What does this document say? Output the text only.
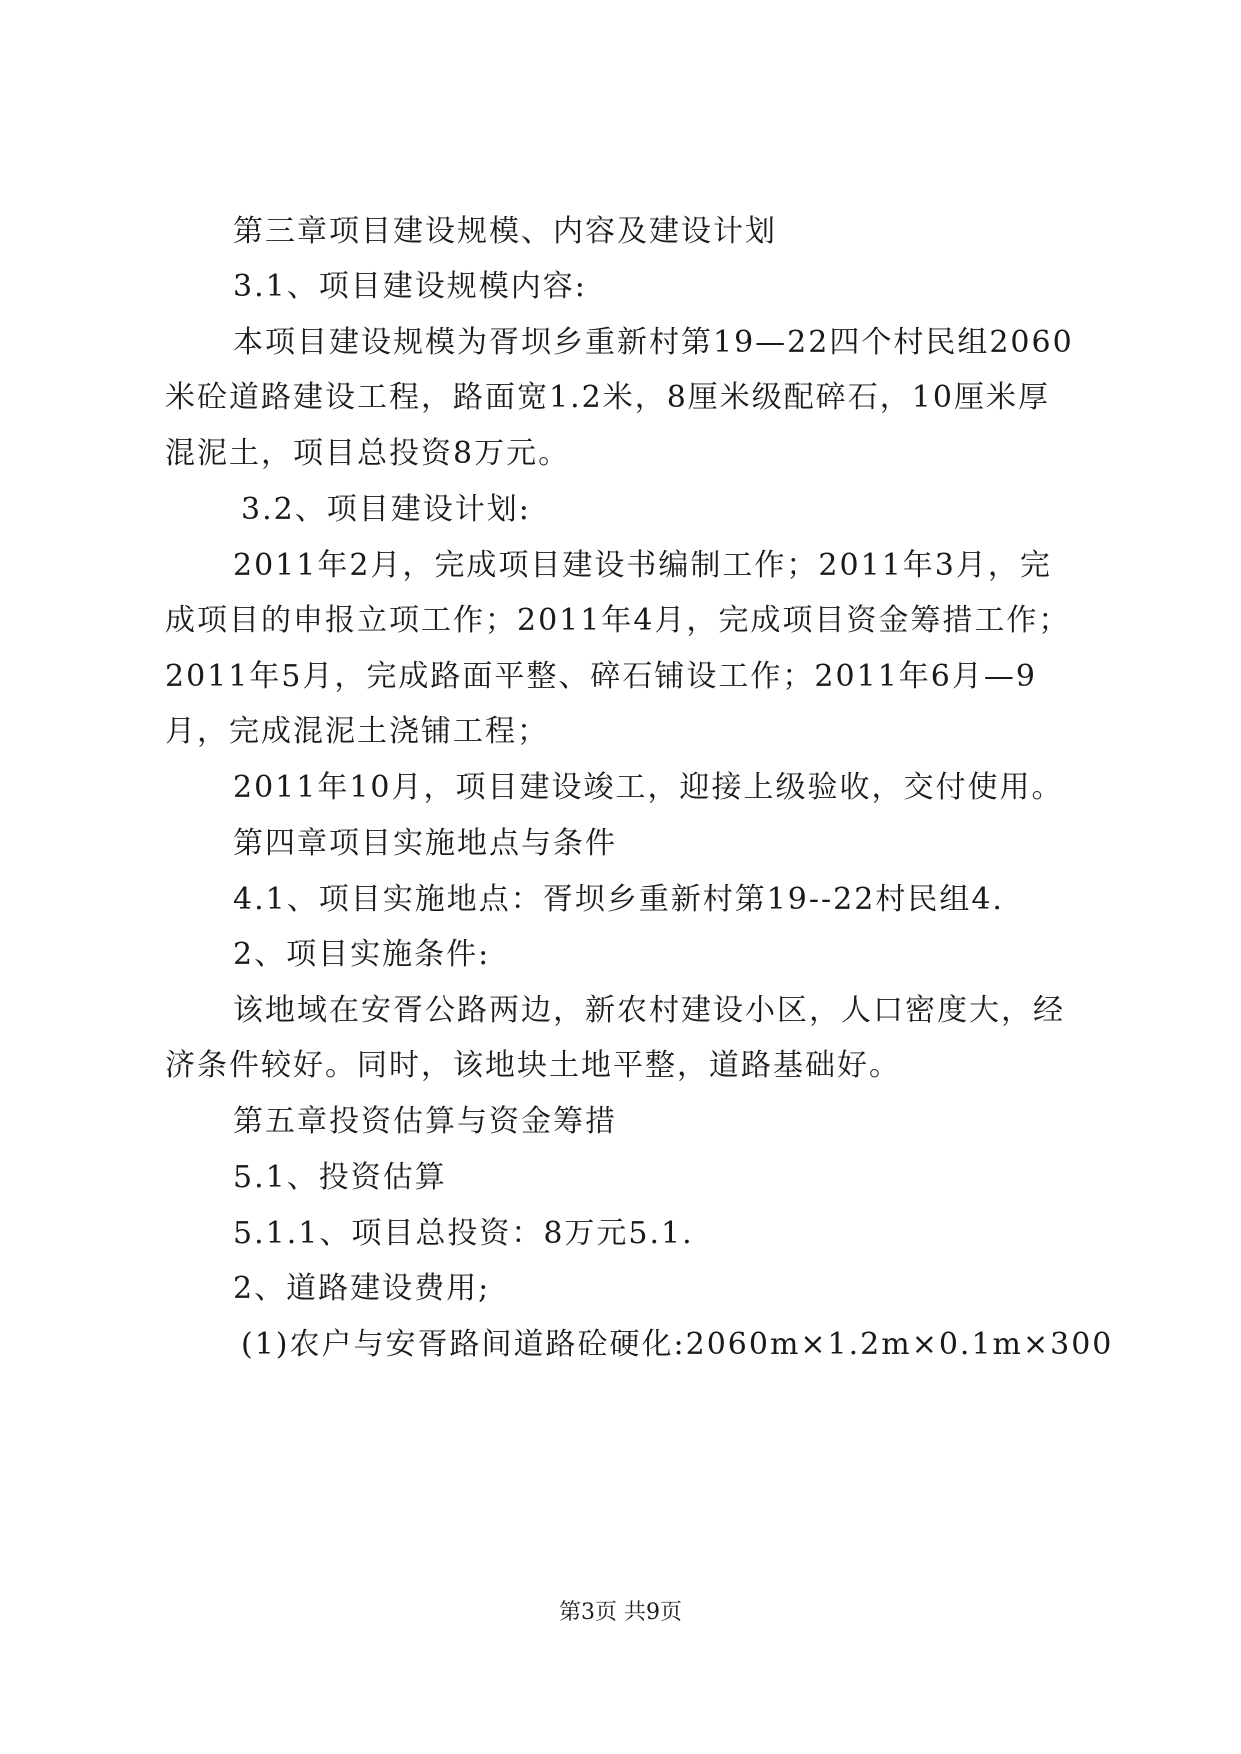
第三章项目建设规模、内容及建设计划
3.1、项目建设规模内容:
本项目建设规模为胥坝乡重新村第19—22四个村民组2060
米砼道路建设工程，路面宽1.2米，8厘米级配碎石，10厘米厚
混泥土，项目总投资8万元。
3.2、项目建设计划:
2011年2月，完成项目建设书编制工作；2011年3月，完
成项目的申报立项工作；2011年4月，完成项目资金筹措工作；
2011年5月，完成路面平整、碎石铺设工作；2011年6月—9
月，完成混泥土浇铺工程；
2011年10月，项目建设竣工，迎接上级验收，交付使用。
第四章项目实施地点与条件
4.1、项目实施地点：胥坝乡重新村第19--22村民组4.
2、项目实施条件:
该地域在安胥公路两边，新农村建设小区，人口密度大，经
济条件较好。同时，该地块土地平整，道路基础好。
第五章投资估算与资金筹措
5.1、投资估算
5.1.1、项目总投资：8万元5.1.
2、道路建设费用;
(1)农户与安胥路间道路砼硬化:2060m×1.2m×0.1m×300
第3页 共9页
